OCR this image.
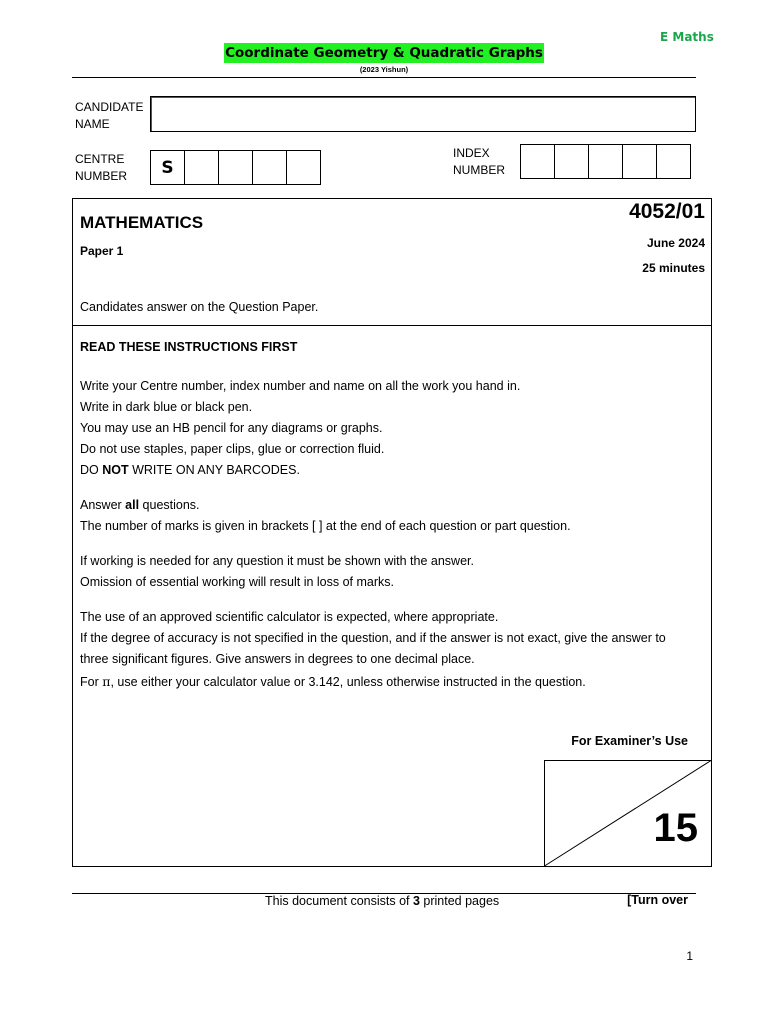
E Maths
Coordinate Geometry & Quadratic Graphs
(2023 Yishun)
CANDIDATE
NAME
CENTRE
NUMBER	S
INDEX
NUMBER
MATHEMATICS
Paper 1
4052/01
June 2024
25 minutes
Candidates answer on the Question Paper.
READ THESE INSTRUCTIONS FIRST
Write your Centre number, index number and name on all the work you hand in.
Write in dark blue or black pen.
You may use an HB pencil for any diagrams or graphs.
Do not use staples, paper clips, glue or correction fluid.
DO NOT WRITE ON ANY BARCODES.
Answer all questions.
The number of marks is given in brackets [ ] at the end of each question or part question.
If working is needed for any question it must be shown with the answer.
Omission of essential working will result in loss of marks.
The use of an approved scientific calculator is expected, where appropriate.
If the degree of accuracy is not specified in the question, and if the answer is not exact, give the answer to
three significant figures. Give answers in degrees to one decimal place.
For π, use either your calculator value or 3.142, unless otherwise instructed in the question.
For Examiner’s Use
15
This document consists of 3 printed pages	[Turn over
1
